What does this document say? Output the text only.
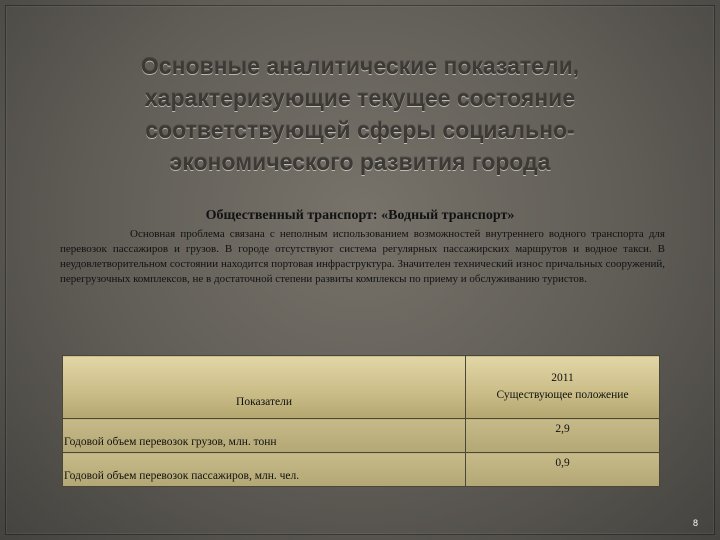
Основные аналитические показатели,
характеризующие текущее состояние
соответствующей сферы социально-
экономического развития города
Общественный транспорт: «Водный транспорт»
Основная проблема связана с неполным использованием возможностей внутреннего водного транспорта для перевозок пассажиров и грузов. В городе отсутствуют система регулярных пассажирских маршрутов и водное такси. В неудовлетворительном состоянии находится портовая инфраструктура. Значителен технический износ причальных сооружений, перегрузочных комплексов, не в достаточной степени развиты комплексы по приему и обслуживанию туристов.
Показатели	2011
Существующее положение

Годовой объем перевозок грузов, млн. тонн	2,9
Годовой объем перевозок пассажиров, млн. чел.	0,9
8
